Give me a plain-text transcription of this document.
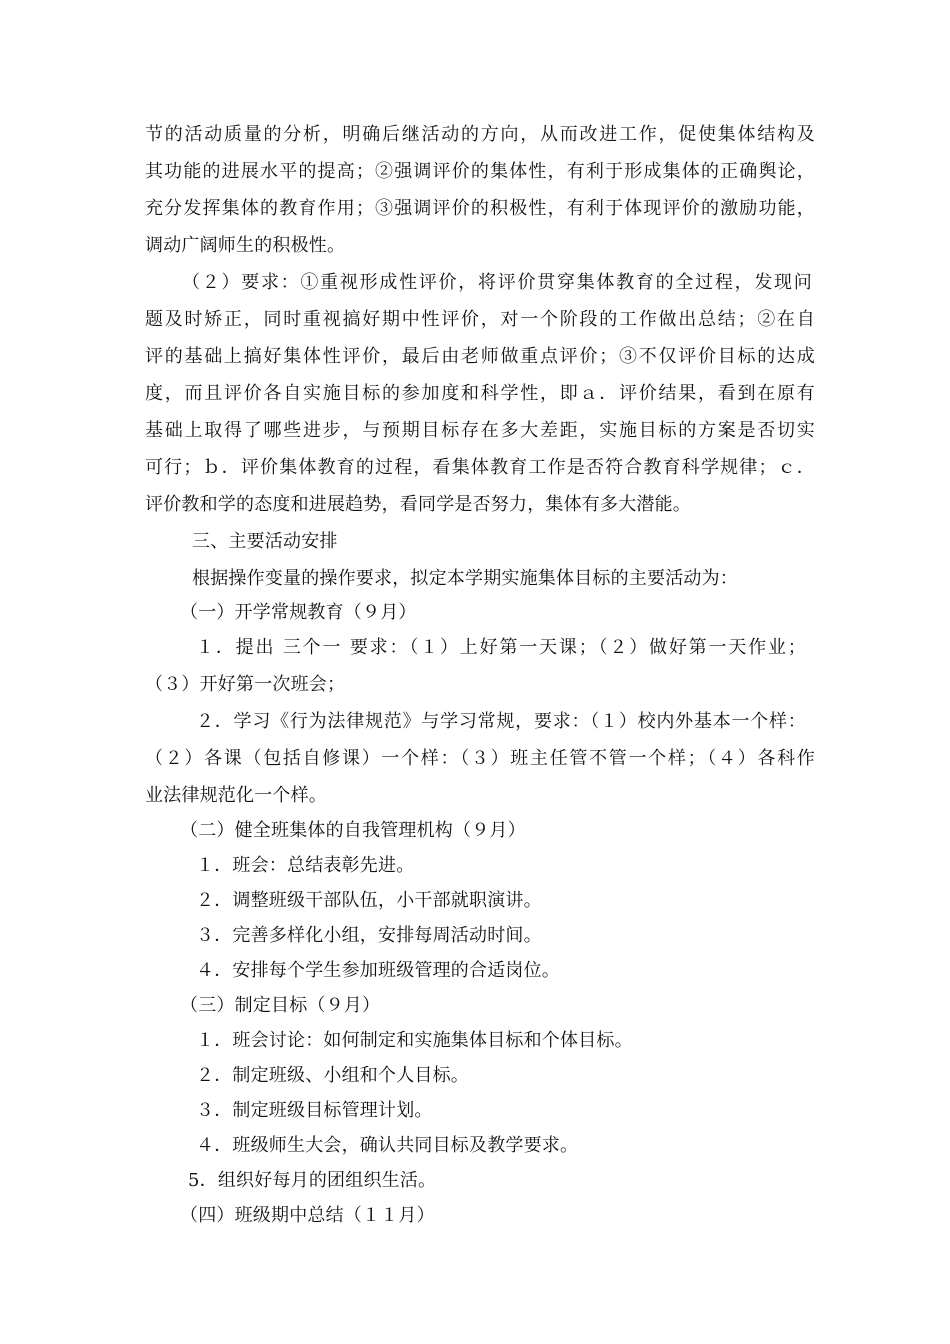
节的活动质量的分析，明确后继活动的方向，从而改进工作，促使集体结构及
其功能的进展水平的提高；②强调评价的集体性，有利于形成集体的正确舆论，
充分发挥集体的教育作用；③强调评价的积极性，有利于体现评价的激励功能，
调动广阔师生的积极性。
（２）要求：①重视形成性评价，将评价贯穿集体教育的全过程，发现问
题及时矫正，同时重视搞好期中性评价，对一个阶段的工作做出总结；②在自
评的基础上搞好集体性评价，最后由老师做重点评价；③不仅评价目标的达成
度，而且评价各自实施目标的参加度和科学性，即ａ．评价结果，看到在原有
基础上取得了哪些进步，与预期目标存在多大差距，实施目标的方案是否切实
可行；ｂ．评价集体教育的过程，看集体教育工作是否符合教育科学规律；ｃ．
评价教和学的态度和进展趋势，看同学是否努力，集体有多大潜能。
三、主要活动安排
根据操作变量的操作要求，拟定本学期实施集体目标的主要活动为：
（一）开学常规教育（９月）
１．提出 三个一 要求：（１）上好第一天课；（２）做好第一天作业；
（３）开好第一次班会；
２．学习《行为法律规范》与学习常规，要求：（１）校内外基本一个样：
（２）各课（包括自修课）一个样：（３）班主任管不管一个样；（４）各科作
业法律规范化一个样。
（二）健全班集体的自我管理机构（９月）
１．班会：总结表彰先进。
２．调整班级干部队伍，小干部就职演讲。
３．完善多样化小组，安排每周活动时间。
４．安排每个学生参加班级管理的合适岗位。
（三）制定目标（９月）
１．班会讨论：如何制定和实施集体目标和个体目标。
２．制定班级、小组和个人目标。
３．制定班级目标管理计划。
４．班级师生大会，确认共同目标及教学要求。
5．组织好每月的团组织生活。
（四）班级期中总结（１１月）
